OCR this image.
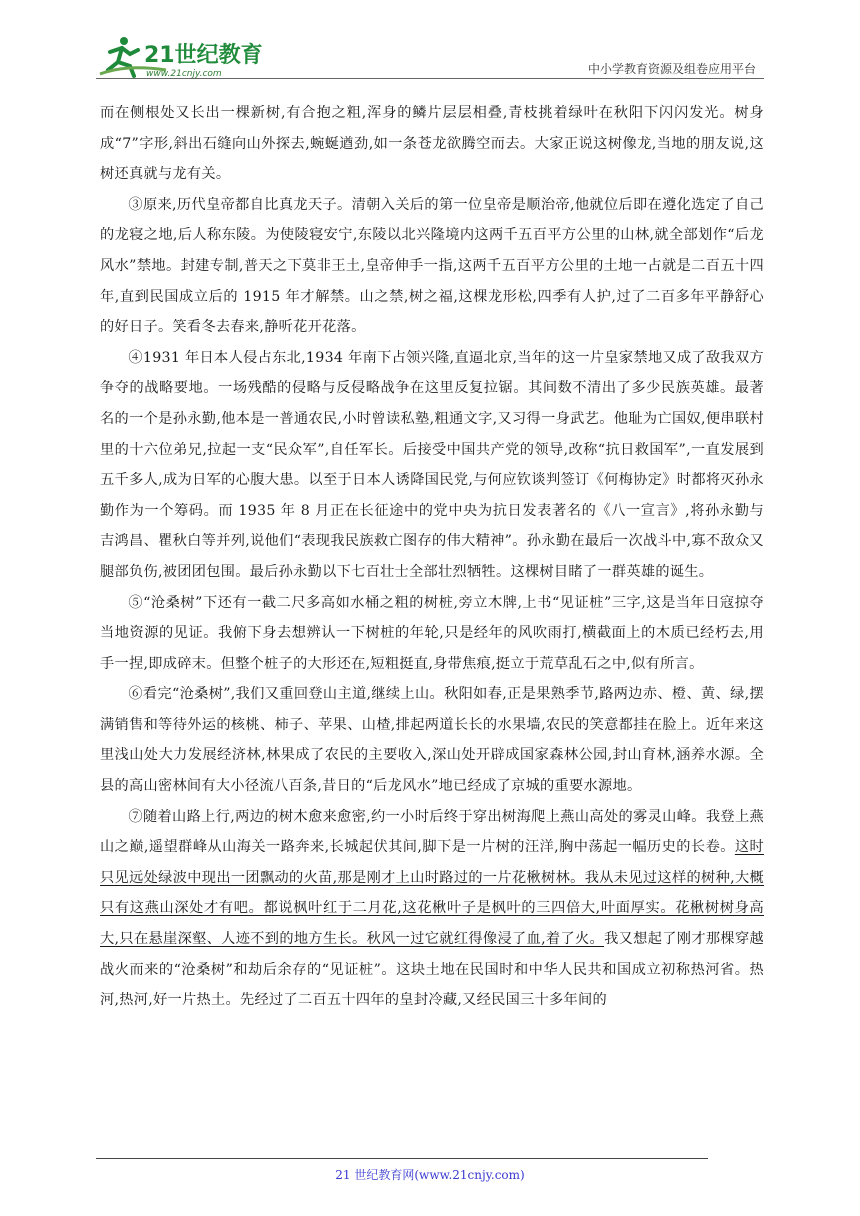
21世纪教育
www.21cnjy.com	中小学教育资源及组卷应用平台

而在侧根处又长出一棵新树,有合抱之粗,浑身的鳞片层层相叠,青枝挑着绿叶在秋阳下闪闪发光。树身成“7”字形,斜出石缝向山外探去,蜿蜒遒劲,如一条苍龙欲腾空而去。大家正说这树像龙,当地的朋友说,这树还真就与龙有关。

③原来,历代皇帝都自比真龙天子。清朝入关后的第一位皇帝是顺治帝,他就位后即在遵化选定了自己的龙寝之地,后人称东陵。为使陵寝安宁,东陵以北兴隆境内这两千五百平方公里的山林,就全部划作“后龙风水”禁地。封建专制,普天之下莫非王土,皇帝伸手一指,这两千五百平方公里的土地一占就是二百五十四年,直到民国成立后的 1915 年才解禁。山之禁,树之福,这棵龙形松,四季有人护,过了二百多年平静舒心的好日子。笑看冬去春来,静听花开花落。

④1931 年日本人侵占东北,1934 年南下占领兴隆,直逼北京,当年的这一片皇家禁地又成了敌我双方争夺的战略要地。一场残酷的侵略与反侵略战争在这里反复拉锯。其间数不清出了多少民族英雄。最著名的一个是孙永勤,他本是一普通农民,小时曾读私塾,粗通文字,又习得一身武艺。他耻为亡国奴,便串联村里的十六位弟兄,拉起一支“民众军”,自任军长。后接受中国共产党的领导,改称“抗日救国军”,一直发展到五千多人,成为日军的心腹大患。以至于日本人诱降国民党,与何应钦谈判签订《何梅协定》时都将灭孙永勤作为一个筹码。而 1935 年 8 月正在长征途中的党中央为抗日发表著名的《八一宣言》,将孙永勤与吉鸿昌、瞿秋白等并列,说他们“表现我民族救亡图存的伟大精神”。孙永勤在最后一次战斗中,寡不敌众又腿部负伤,被团团包围。最后孙永勤以下七百壮士全部壮烈牺牲。这棵树目睹了一群英雄的诞生。

⑤“沧桑树”下还有一截二尺多高如水桶之粗的树桩,旁立木牌,上书“见证桩”三字,这是当年日寇掠夺当地资源的见证。我俯下身去想辨认一下树桩的年轮,只是经年的风吹雨打,横截面上的木质已经朽去,用手一捏,即成碎末。但整个桩子的大形还在,短粗挺直,身带焦痕,挺立于荒草乱石之中,似有所言。

⑥看完“沧桑树”,我们又重回登山主道,继续上山。秋阳如春,正是果熟季节,路两边赤、橙、黄、绿,摆满销售和等待外运的核桃、柿子、苹果、山楂,排起两道长长的水果墙,农民的笑意都挂在脸上。近年来这里浅山处大力发展经济林,林果成了农民的主要收入,深山处开辟成国家森林公园,封山育林,涵养水源。全县的高山密林间有大小径流八百条,昔日的“后龙风水”地已经成了京城的重要水源地。

⑦随着山路上行,两边的树木愈来愈密,约一小时后终于穿出树海爬上燕山高处的雾灵山峰。我登上燕山之巅,遥望群峰从山海关一路奔来,长城起伏其间,脚下是一片树的汪洋,胸中荡起一幅历史的长卷。这时只见远处绿波中现出一团飘动的火苗,那是刚才上山时路过的一片花楸树林。我从未见过这样的树种,大概只有这燕山深处才有吧。都说枫叶红于二月花,这花楸叶子是枫叶的三四倍大,叶面厚实。花楸树树身高大,只在悬崖深壑、人迹不到的地方生长。秋风一过它就红得像浸了血,着了火。我又想起了刚才那棵穿越战火而来的“沧桑树”和劫后余存的“见证桩”。这块土地在民国时和中华人民共和国成立初称热河省。热河,热河,好一片热土。先经过了二百五十四年的皇封冷藏,又经民国三十多年间的

21 世纪教育网(www.21cnjy.com)
